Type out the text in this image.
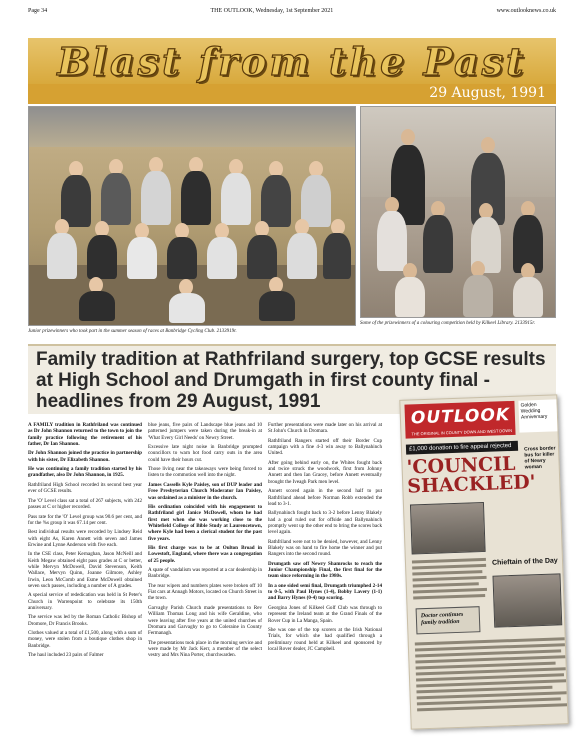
Page 34	THE OUTLOOK, Wednesday, 1st September 2021	www.outlooknews.co.uk
Blast from the Past
29 August, 1991
Junior prizewinners who took part in the summer season of races at Banbridge Cycling Club. 2133919r.
Some of the prizewinners of a colouring competition held by Kilkeel Library. 2133915r.
Family tradition at Rathfriland surgery, top GCSE results at High School and Drumgath in first county final - headlines from 29 August, 1991

A FAMILY tradition in Rathfriland was continued as Dr John Shannon returned to the town to join the family practice following the retirement of his father, Dr Ian Shannon.

Dr John Shannon joined the practice in partnership with his sister, Dr Elizabeth Shannon.

He was continuing a family tradition started by his grandfather, also Dr John Shannon, in 1925.

Rathfriland High School recorded its second best year ever of GCSE results.

The 'O' Level class sat a total of 267 subjects, with 242 passes at C or higher recorded.

Pass rate for the 'O' Level group was 90.6 per cent, and for the %s group it was 67.14 per cent.

Best individual results were recorded by Lindsey Reid with eight As, Karen Annett with seven and James Erwine and Lynne Anderson with five each.

In the CSE class, Peter Kernaghan, Jason McNeill and Keith Megaw obtained eight pass grades at C or better, while Mervyn McDowell, David Stevenson, Keith Wallace, Mervyn Quinn, Joanne Gilmore, Ashley Irwin, Leon McComb and Esme McDowell obtained seven such passes, including a number of A grades.

A special service of rededication was held in St Peter's Church in Warrenpoint to celebrate its 150th anniversary.

The service was led by the Roman Catholic Bishop of Dromore, Dr Francis Brooks.

Clothes valued at a total of £1,500, along with a sum of money, were stolen from a boutique clothes shop in Banbridge.

The haul included 23 pairs of Falmer

blue jeans, five pairs of Landscape blue jeans and 10 patterned jumpers were taken during the break-in at 'What Every Girl Needs' on Newry Street.

Excessive late night noise in Banbridge prompted councillors to warn hot food carry outs in the area could have their hours cut.

Those living near the takeaways were being forced to listen to the commotion well into the night.

James Cassells Kyle Paisley, son of DUP leader and Free Presbyterian Church Moderator Ian Paisley, was ordained as a minister in the church.

His ordination coincided with his engagement to Rathfriland girl Janice McDowell, whom he had first met when she was working close to the Whitefield College of Bible Study at Laurencetown, where Kyle had been a clerical student for the past five years.

His first charge was to be at Oulton Broad in Lowestoft, England, where there was a congregation of 25 people.

A spate of vandalism was reported at a car dealership in Banbridge.

The rear wipers and numbers plates were broken off 10 Fiat cars at Annagh Motors, located on Church Street in the town.

Garvaghy Parish Church made presentations to Rev William Thomas Long and his wife Geraldine, who were leaving after five years at the united churches of Dromara and Garvaghy to go to Coleraine in County Fermanagh.

The presentations took place in the morning service and were made by Mr Jack Kerr, a member of the select vestry and Mrs Nina Porter, churchwarden.

Further presentations were made later on his arrival at St John's Church in Dromara.

Rathfriland Rangers started off their Border Cup campaign with a fine 4-3 win away to Ballynahinch United.

After going behind early on, the Whites fought back and twice struck the woodwork, first from Johnny Annett and then Ian Gracey, before Annett eventually brought the Iveagh Park men level.

Annett scored again in the second half to put Rathfriland ahead before Norman Robb extended the lead to 3-1.

Ballynahinch fought back to 3-2 before Lenny Blakely had a goal ruled out for offside and Ballynahinch promptly went up the other end to bring the scores back level again.

Rathfriland were not to be denied, however, and Lenny Blakely was on hand to fire home the winner and put Rangers into the second round.

Drumgath saw off Newry Shamrocks to reach the Junior Championship Final, the first final for the team since reforming in the 1980s.

In a one sided semi final, Drumgath triumphed 2-14 to 0-5, with Paul Hynes (1-4), Bobby Lavery (1-1) and Barry Hynes (0-4) top scoring.

Georgina Jones of Kilkeel Golf Club was through to represent the Ireland team at the Grand Finals of the Rover Cup in La Manga, Spain.

She was one of the top scorers at the Irish National Trials, for which she had qualified through a preliminary round held at Kilkeel and sponsored by local Rover dealer, JC Campbell.

OUTLOOK
THE ORIGINAL IN COUNTY DOWN AND WEST DOWN
Golden Wedding Anniversary
£1,000 donation to fire appeal rejected
'COUNCIL SHACKLED'
Cross border bus for killer of Newry woman
Chieftain of the Day
Doctor continues family tradition
